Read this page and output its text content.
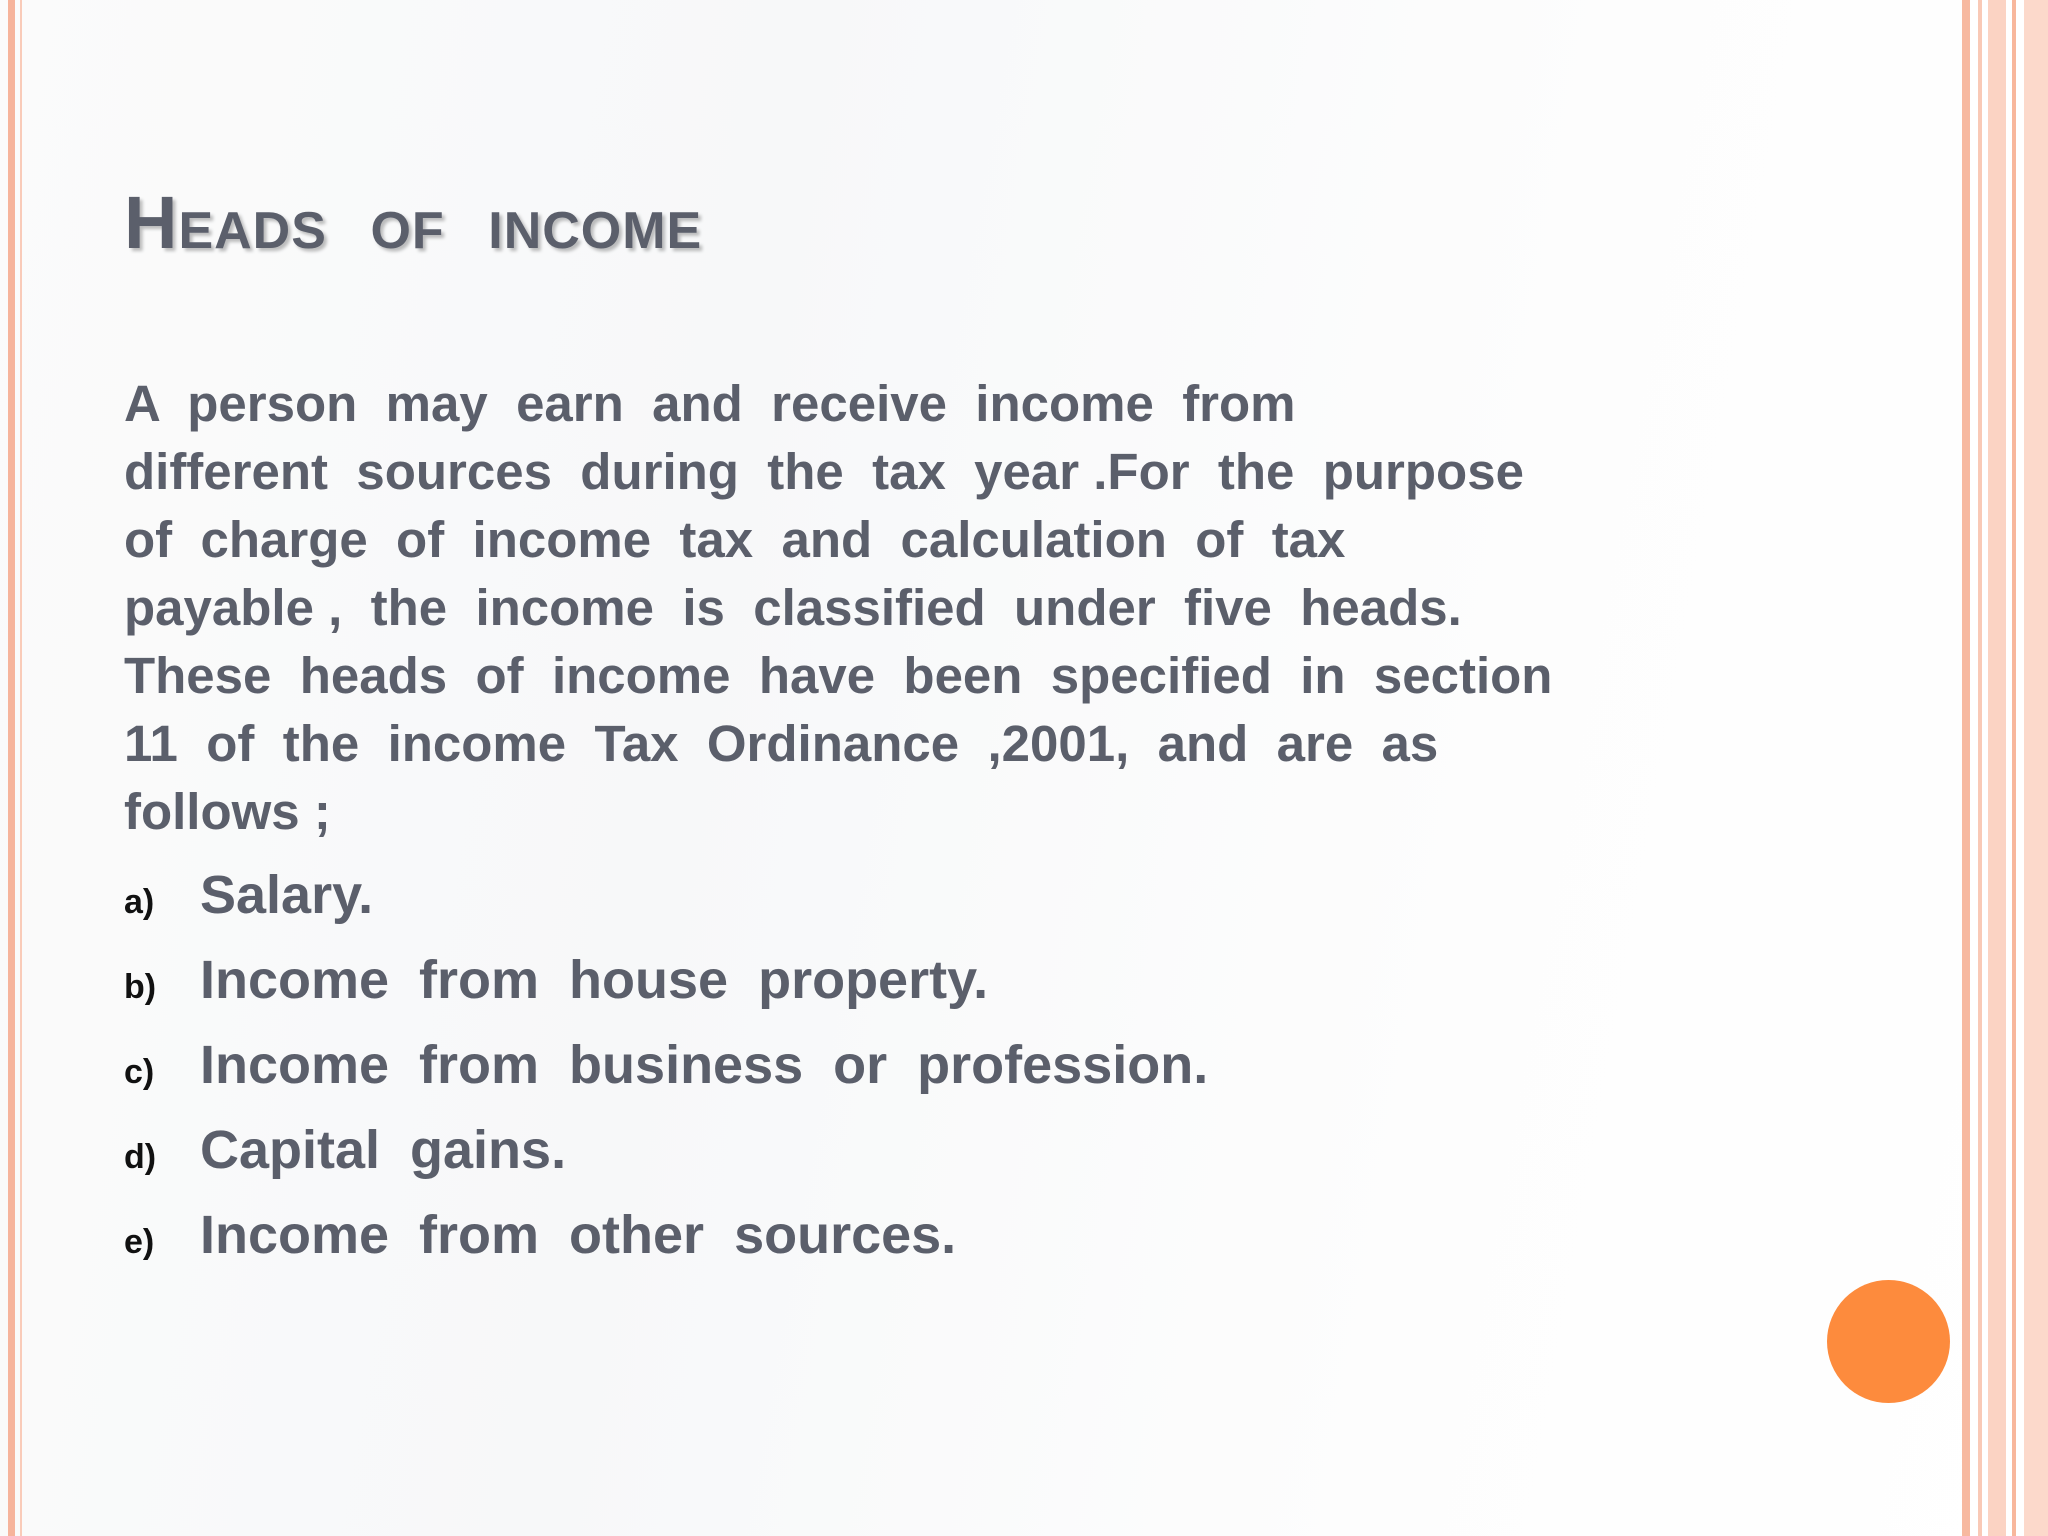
Heads of income
A  person  may  earn  and  receive  income  from
different  sources  during  the  tax  year .For  the  purpose
of  charge  of  income  tax  and  calculation  of  tax
payable ,  the  income  is  classified  under  five  heads.
These  heads  of  income  have  been  specified  in  section
11  of  the  income  Tax  Ordinance  ,2001,  and  are  as
follows ;
a) Salary.
b) Income  from  house  property.
c) Income  from  business  or  profession.
d) Capital  gains.
e) Income  from  other  sources.
